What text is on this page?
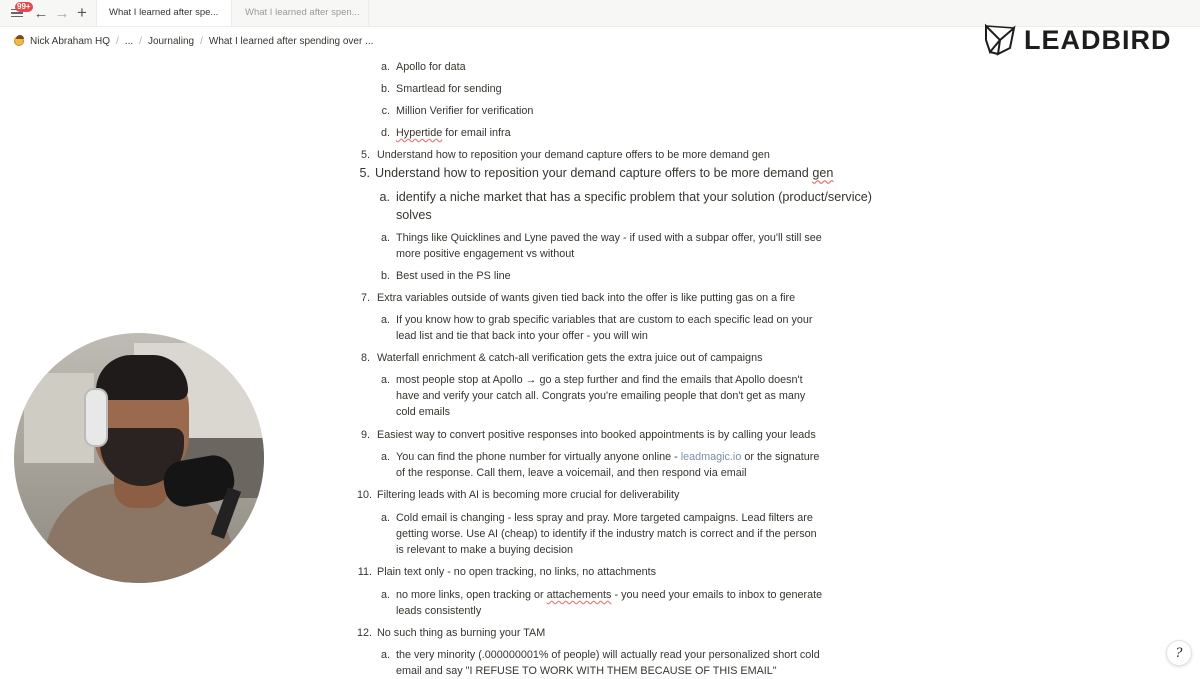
99+ ← → +	What I learned after spe...	What I learned after spen...
Nick Abraham HQ / ... / Journaling / What I learned after spending over ...	LEADBIRD
a. Apollo for data
b. Smartlead for sending
c. Million Verifier for verification
d. Hypertide for email infra
5. Understand how to reposition your demand capture offers to be more demand gen
5. Understand how to reposition your demand capture offers to be more demand gen
a. identify a niche market that has a specific problem that your solution (product/service)
solves
a. Things like Quicklines and Lyne paved the way - if used with a subpar offer, you'll still see
more positive engagement vs without
b. Best used in the PS line
7. Extra variables outside of wants given tied back into the offer is like putting gas on a fire
a. If you know how to grab specific variables that are custom to each specific lead on your
lead list and tie that back into your offer - you will win
8. Waterfall enrichment & catch-all verification gets the extra juice out of campaigns
a. most people stop at Apollo → go a step further and find the emails that Apollo doesn't
have and verify your catch all. Congrats you're emailing people that don't get as many
cold emails
9. Easiest way to convert positive responses into booked appointments is by calling your leads
a. You can find the phone number for virtually anyone online - leadmagic.io or the signature
of the response. Call them, leave a voicemail, and then respond via email
10. Filtering leads with AI is becoming more crucial for deliverability
a. Cold email is changing - less spray and pray. More targeted campaigns. Lead filters are
getting worse. Use AI (cheap) to identify if the industry match is correct and if the person
is relevant to make a buying decision
11. Plain text only - no open tracking, no links, no attachments
a. no more links, open tracking or attachements - you need your emails to inbox to generate
leads consistently
12. No such thing as burning your TAM
a. the very minority (.000000001% of people) will actually read your personalized short cold
email and say "I REFUSE TO WORK WITH THEM BECAUSE OF THIS EMAIL"
?
